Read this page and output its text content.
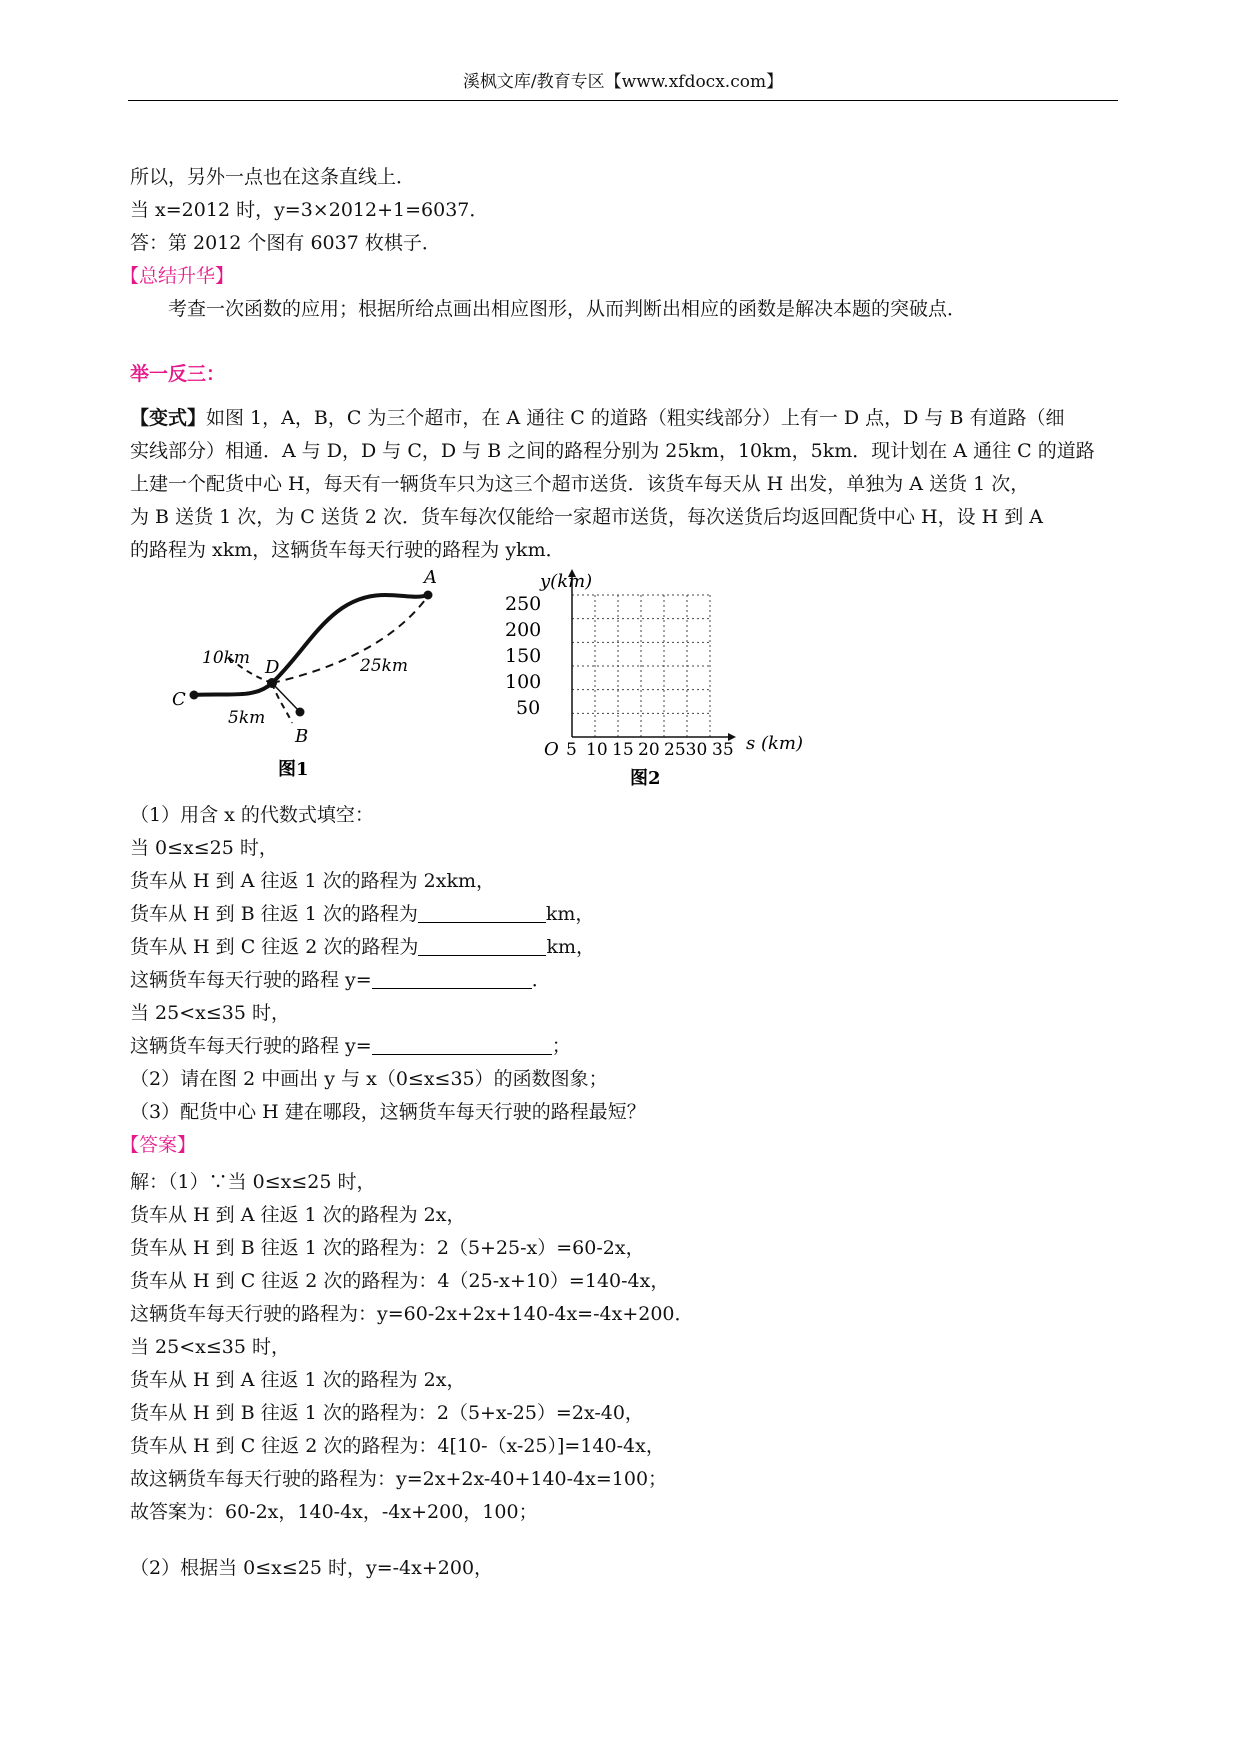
溪枫文库/教育专区【www.xfdocx.com】
所以，另外一点也在这条直线上．
当 x=2012 时，y=3×2012+1=6037．
答：第 2012 个图有 6037 枚棋子．
【总结升华】
考查一次函数的应用；根据所给点画出相应图形，从而判断出相应的函数是解决本题的突破点．
举一反三：
【变式】如图 1，A，B，C 为三个超市，在 A 通往 C 的道路（粗实线部分）上有一 D 点，D 与 B 有道路（细
实线部分）相通．A 与 D，D 与 C，D 与 B 之间的路程分别为 25km，10km，5km．现计划在 A 通往 C 的道路
上建一个配货中心 H，每天有一辆货车只为这三个超市送货．该货车每天从 H 出发，单独为 A 送货 1 次，
为 B 送货 1 次，为 C 送货 2 次．货车每次仅能给一家超市送货，每次送货后均返回配货中心 H，设 H 到 A
的路程为 xkm，这辆货车每天行驶的路程为 ykm．
A
C
D
B
10km	25km
5km
图1
y(km)
s (km)
O
250
200
150
100
50
5 10 15 20 2530 35
图2
（1）用含 x 的代数式填空：
当 0≤x≤25 时，
货车从 H 到 A 往返 1 次的路程为 2xkm，
货车从 H 到 B 往返 1 次的路程为	km，
货车从 H 到 C 往返 2 次的路程为	km，
这辆货车每天行驶的路程 y=	．
当 25<x≤35 时，
这辆货车每天行驶的路程 y=	；
（2）请在图 2 中画出 y 与 x（0≤x≤35）的函数图象；
（3）配货中心 H 建在哪段，这辆货车每天行驶的路程最短？
【答案】
解：（1）∵当 0≤x≤25 时，
货车从 H 到 A 往返 1 次的路程为 2x，
货车从 H 到 B 往返 1 次的路程为：2（5+25-x）=60-2x，
货车从 H 到 C 往返 2 次的路程为：4（25-x+10）=140-4x，
这辆货车每天行驶的路程为：y=60-2x+2x+140-4x=-4x+200．
当 25<x≤35 时，
货车从 H 到 A 往返 1 次的路程为 2x，
货车从 H 到 B 往返 1 次的路程为：2（5+x-25）=2x-40，
货车从 H 到 C 往返 2 次的路程为：4[10-（x-25）]=140-4x，
故这辆货车每天行驶的路程为：y=2x+2x-40+140-4x=100；
故答案为：60-2x，140-4x，-4x+200，100；
（2）根据当 0≤x≤25 时，y=-4x+200，
